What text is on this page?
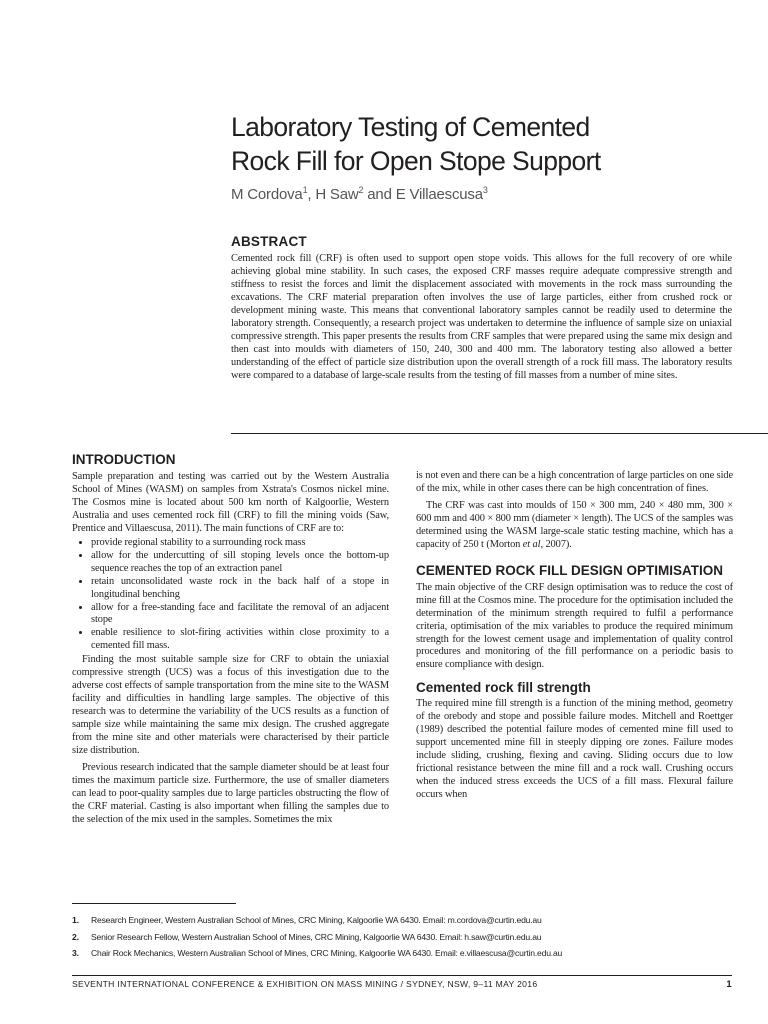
Laboratory Testing of Cemented
Rock Fill for Open Stope Support
M Cordova$^1$, H Saw$^2$ and E Villaescusa$^3$
ABSTRACT

Cemented rock fill (CRF) is often used to support open stope voids. This allows for the full recovery of ore while achieving global mine stability. In such cases, the exposed CRF masses require adequate compressive strength and stiffness to resist the forces and limit the displacement associated with movements in the rock mass surrounding the excavations. The CRF material preparation often involves the use of large particles, either from crushed rock or development mining waste. This means that conventional laboratory samples cannot be readily used to determine the laboratory strength. Consequently, a research project was undertaken to determine the influence of sample size on uniaxial compressive strength. This paper presents the results from CRF samples that were prepared using the same mix design and then cast into moulds with diameters of 150, 240, 300 and 400 mm. The laboratory testing also allowed a better understanding of the effect of particle size distribution upon the overall strength of a rock fill mass. The laboratory results were compared to a database of large-scale results from the testing of fill masses from a number of mine sites.

INTRODUCTION

Sample preparation and testing was carried out by the Western Australia School of Mines (WASM) on samples from Xstrata's Cosmos nickel mine. The Cosmos mine is located about 500 km north of Kalgoorlie, Western Australia and uses cemented rock fill (CRF) to fill the mining voids (Saw, Prentice and Villaescusa, 2011). The main functions of CRF are to:

• provide regional stability to a surrounding rock mass
• allow for the undercutting of sill stoping levels once the bottom-up sequence reaches the top of an extraction panel
• retain unconsolidated waste rock in the back half of a stope in longitudinal benching
• allow for a free-standing face and facilitate the removal of an adjacent stope
• enable resilience to slot-firing activities within close proximity to a cemented fill mass.

Finding the most suitable sample size for CRF to obtain the uniaxial compressive strength (UCS) was a focus of this investigation due to the adverse cost effects of sample transportation from the mine site to the WASM facility and difficulties in handling large samples. The objective of this research was to determine the variability of the UCS results as a function of sample size while maintaining the same mix design. The crushed aggregate from the mine site and other materials were characterised by their particle size distribution.

Previous research indicated that the sample diameter should be at least four times the maximum particle size. Furthermore, the use of smaller diameters can lead to poor-quality samples due to large particles obstructing the flow of the CRF material. Casting is also important when filling the samples due to the selection of the mix used in the samples. Sometimes the mix

is not even and there can be a high concentration of large particles on one side of the mix, while in other cases there can be high concentration of fines.

The CRF was cast into moulds of 150 × 300 mm, 240 × 480 mm, 300 × 600 mm and 400 × 800 mm (diameter × length). The UCS of the samples was determined using the WASM large-scale static testing machine, which has a capacity of 250 t (Morton et al, 2007).

CEMENTED ROCK FILL DESIGN OPTIMISATION

The main objective of the CRF design optimisation was to reduce the cost of mine fill at the Cosmos mine. The procedure for the optimisation included the determination of the minimum strength required to fulfil a performance criteria, optimisation of the mix variables to produce the required minimum strength for the lowest cement usage and implementation of quality control procedures and monitoring of the fill performance on a periodic basis to ensure compliance with design.

Cemented rock fill strength

The required mine fill strength is a function of the mining method, geometry of the orebody and stope and possible failure modes. Mitchell and Roettger (1989) described the potential failure modes of cemented mine fill used to support uncemented mine fill in steeply dipping ore zones. Failure modes include sliding, crushing, flexing and caving. Sliding occurs due to low frictional resistance between the mine fill and a rock wall. Crushing occurs when the induced stress exceeds the UCS of a fill mass. Flexural failure occurs when

1.	Research Engineer, Western Australian School of Mines, CRC Mining, Kalgoorlie WA 6430. Email: m.cordova@curtin.edu.au
2.	Senior Research Fellow, Western Australian School of Mines, CRC Mining, Kalgoorlie WA 6430. Email: h.saw@curtin.edu.au
3.	Chair Rock Mechanics, Western Australian School of Mines, CRC Mining, Kalgoorlie WA 6430. Email: e.villaescusa@curtin.edu.au
SEVENTH INTERNATIONAL CONFERENCE & EXHIBITION ON MASS MINING / SYDNEY, NSW, 9–11 MAY 2016	1
